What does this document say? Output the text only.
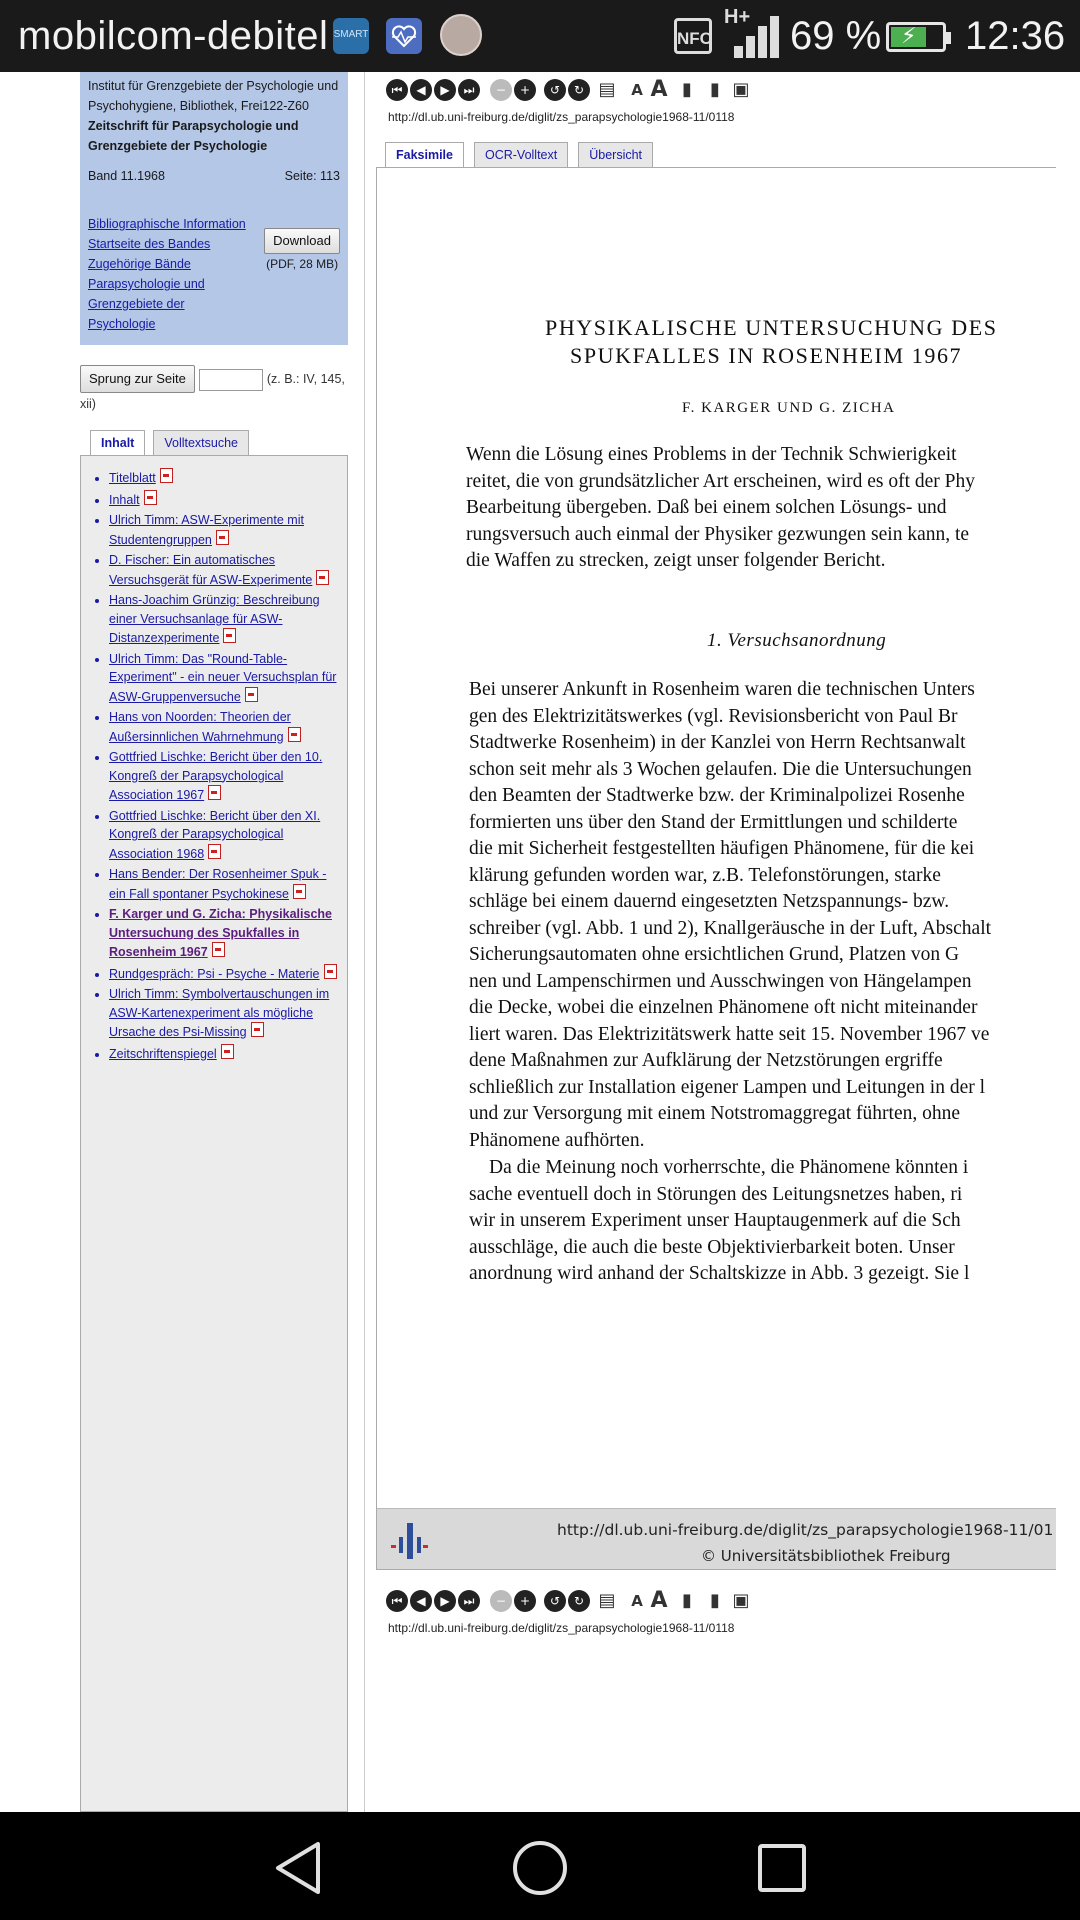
mobilcom-debitel SMART	NFC
H+ 69 % ⚡ 12:36
Institut für Grenzgebiete der Psychologie und Psychohygiene, Bibliothek, Frei122-Z60
Zeitschrift für Parapsychologie und Grenzgebiete der Psychologie
Band 11.1968	Seite: 113
Bibliographische Information
Startseite des Bandes
Zugehörige Bände
Parapsychologie und Grenzgebiete der Psychologie
Download
(PDF, 28 MB)
Sprung zur Seite	(z. B.: IV, 145, xii)
Inhalt Volltextsuche
• Titelblatt
• Inhalt
• Ulrich Timm: ASW-Experimente mit Studentengruppen
• D. Fischer: Ein automatisches Versuchsgerät für ASW-Experimente
• Hans-Joachim Grünzig: Beschreibung einer Versuchsanlage für ASW-Distanzexperimente
• Ulrich Timm: Das "Round-Table-Experiment" - ein neuer Versuchsplan für ASW-Gruppenversuche
• Hans von Noorden: Theorien der Außersinnlichen Wahrnehmung
• Gottfried Lischke: Bericht über den 10. Kongreß der Parapsychological Association 1967
• Gottfried Lischke: Bericht über den XI. Kongreß der Parapsychological Association 1968
• Hans Bender: Der Rosenheimer Spuk - ein Fall spontaner Psychokinese
• F. Karger und G. Zicha: Physikalische Untersuchung des Spukfalles in Rosenheim 1967
• Rundgespräch: Psi - Psyche - Materie
• Ulrich Timm: Symbolvertauschungen im ASW-Kartenexperiment als mögliche Ursache des Psi-Missing
• Zeitschriftenspiegel
⏮	◀	▶	⏭	−	+	↺	↻ ▤	A A ▮	▮ ▣
http://dl.ub.uni-freiburg.de/diglit/zs_parapsychologie1968-11/0118
Faksimile	OCR-Volltext	Übersicht
PHYSIKALISCHE UNTERSUCHUNG DES
SPUKFALLES IN ROSENHEIM 1967
F. KARGER UND G. ZICHA
Wenn die Lösung eines Problems in der Technik Schwierigkeit
reitet, die von grundsätzlicher Art erscheinen, wird es oft der Phy
Bearbeitung übergeben. Daß bei einem solchen Lösungs- und
rungsversuch auch einmal der Physiker gezwungen sein kann, te
die Waffen zu strecken, zeigt unser folgender Bericht.
1. Versuchsanordnung
Bei unserer Ankunft in Rosenheim waren die technischen Unters
gen des Elektrizitätswerkes (vgl. Revisionsbericht von Paul Br
Stadtwerke Rosenheim) in der Kanzlei von Herrn Rechtsanwalt
schon seit mehr als 3 Wochen gelaufen. Die die Untersuchungen
den Beamten der Stadtwerke bzw. der Kriminalpolizei Rosenhe
formierten uns über den Stand der Ermittlungen und schilderte
die mit Sicherheit festgestellten häufigen Phänomene, für die kei
klärung gefunden worden war, z.B. Telefonstörungen, starke
schläge bei einem dauernd eingesetzten Netzspannungs- bzw.
schreiber (vgl. Abb. 1 und 2), Knallgeräusche in der Luft, Abschalt
Sicherungsautomaten ohne ersichtlichen Grund, Platzen von G
nen und Lampenschirmen und Ausschwingen von Hängelampen
die Decke, wobei die einzelnen Phänomene oft nicht miteinander
liert waren. Das Elektrizitätswerk hatte seit 15. November 1967 ve
dene Maßnahmen zur Aufklärung der Netzstörungen ergriffe
schließlich zur Installation eigener Lampen und Leitungen in der l
und zur Versorgung mit einem Notstromaggregat führten, ohne
Phänomene aufhörten.
Da die Meinung noch vorherrschte, die Phänomene könnten i
sache eventuell doch in Störungen des Leitungsnetzes haben, ri
wir in unserem Experiment unser Hauptaugenmerk auf die Sch
ausschläge, die auch die beste Objektivierbarkeit boten. Unser
anordnung wird anhand der Schaltskizze in Abb. 3 gezeigt. Sie l
http://dl.ub.uni-freiburg.de/diglit/zs_parapsychologie1968-11/01
© Universitätsbibliothek Freiburg
⏮	◀	▶	⏭	−	+	↺	↻ ▤	A A ▮	▮ ▣
http://dl.ub.uni-freiburg.de/diglit/zs_parapsychologie1968-11/0118
